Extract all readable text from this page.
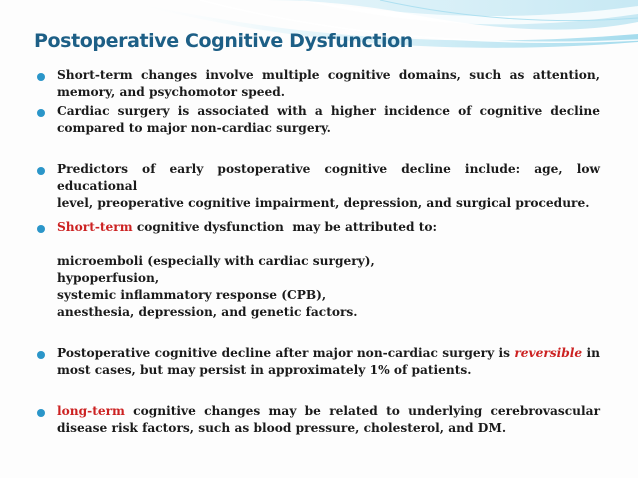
Postoperative Cognitive Dysfunction
Short-term changes involve multiple cognitive domains, such as attention,
memory, and psychomotor speed.
Cardiac surgery is associated with a higher incidence of cognitive decline
compared to major non-cardiac surgery.
Predictors of early postoperative cognitive decline include: age, low educational
level, preoperative cognitive impairment, depression, and surgical procedure.
Short-term cognitive dysfunction  may be attributed to:
microemboli (especially with cardiac surgery),
hypoperfusion,
systemic inflammatory response (CPB),
anesthesia, depression, and genetic factors.
Postoperative cognitive decline after major non-cardiac surgery is reversible in
most cases, but may persist in approximately 1% of patients.
long-term cognitive changes may be related to underlying cerebrovascular
disease risk factors, such as blood pressure, cholesterol, and DM.
